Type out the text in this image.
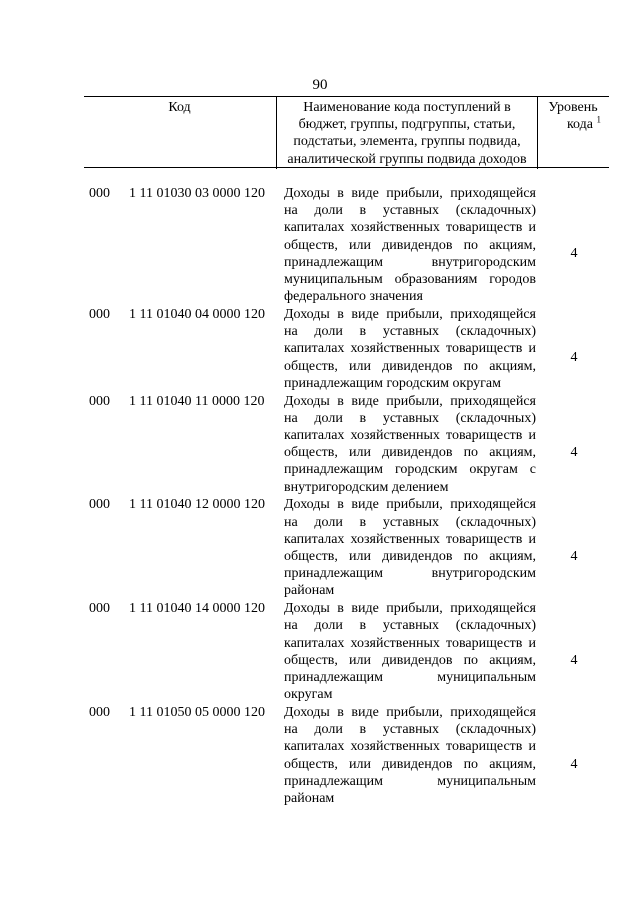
90
Код	Наименование кода поступлений в
бюджет, группы, подгруппы, статьи,
подстатьи, элемента, группы подвида,
аналитической группы подвида доходов
Уровень
кода $^1$
000 1 11 01030 03 0000 120 Доходы в виде прибыли, приходящейся
на доли в уставных (складочных)
капиталах хозяйственных товариществ и
обществ, или дивидендов по акциям,
принадлежащим внутригородским
муниципальным образованиям городов
федерального значения
4
000 1 11 01040 04 0000 120 Доходы в виде прибыли, приходящейся
на доли в уставных (складочных)
капиталах хозяйственных товариществ и
обществ, или дивидендов по акциям,
принадлежащим городским округам
4
000 1 11 01040 11 0000 120 Доходы в виде прибыли, приходящейся
на доли в уставных (складочных)
капиталах хозяйственных товариществ и
обществ, или дивидендов по акциям,
принадлежащим городским округам с
внутригородским делением
4
000 1 11 01040 12 0000 120 Доходы в виде прибыли, приходящейся
на доли в уставных (складочных)
капиталах хозяйственных товариществ и
обществ, или дивидендов по акциям,
принадлежащим внутригородским
районам
4
000 1 11 01040 14 0000 120 Доходы в виде прибыли, приходящейся
на доли в уставных (складочных)
капиталах хозяйственных товариществ и
обществ, или дивидендов по акциям,
принадлежащим муниципальным
округам
4
000 1 11 01050 05 0000 120 Доходы в виде прибыли, приходящейся
на доли в уставных (складочных)
капиталах хозяйственных товариществ и
обществ, или дивидендов по акциям,
принадлежащим муниципальным
районам
4
